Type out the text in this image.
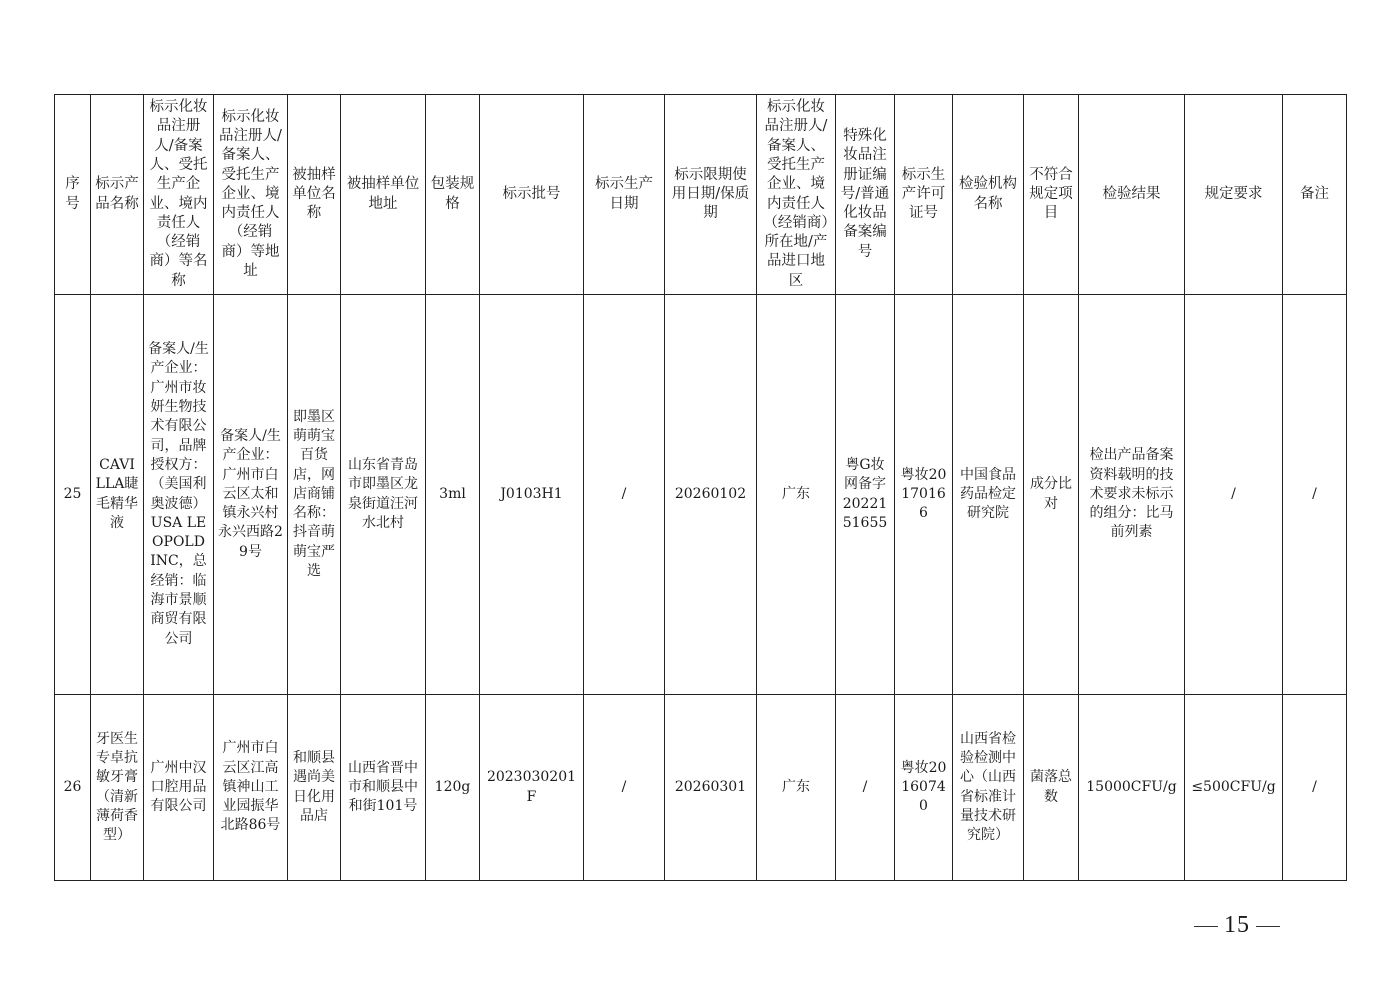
序号	标示产品名称	标示化妆品注册人/备案人、受托生产企业、境内责任人（经销商）等名称	标示化妆品注册人/备案人、受托生产企业、境内责任人（经销商）等地址	被抽样单位名称	被抽样单位地址	包装规格	标示批号	标示生产日期	标示限期使用日期/保质期	标示化妆品注册人/备案人、受托生产企业、境内责任人（经销商）所在地/产品进口地区	特殊化妆品注册证编号/普通化妆品备案编号	标示生产许可证号	检验机构名称	不符合规定项目	检验结果	规定要求	备注
25	CAVILLA睫毛精华液	备案人/生产企业：广州市妆妍生物技术有限公司，品牌授权方：（美国利奥波德）USA LEOPOLD INC，总经销：临海市景顺商贸有限公司	备案人/生产企业：广州市白云区太和镇永兴村永兴西路29号	即墨区萌萌宝百货店，网店商铺名称：抖音萌萌宝严选	山东省青岛市即墨区龙泉街道汪河水北村	3ml	J0103H1	/	20260102	广东	粤G妆网备字2022151655	粤妆20170166	中国食品药品检定研究院	成分比对	检出产品备案资料载明的技术要求未标示的组分：比马前列素	/	/
26	牙医生专卓抗敏牙膏（清新薄荷香型）	广州中汉口腔用品有限公司	广州市白云区江高镇神山工业园振华北路86号	和顺县遇尚美日化用品店	山西省晋中市和顺县中和街101号	120g	2023030201F	/	20260301	广东	/	粤妆20160740	山西省检验检测中心（山西省标准计量技术研究院）	菌落总数	15000CFU/g	≤500CFU/g	/
15
